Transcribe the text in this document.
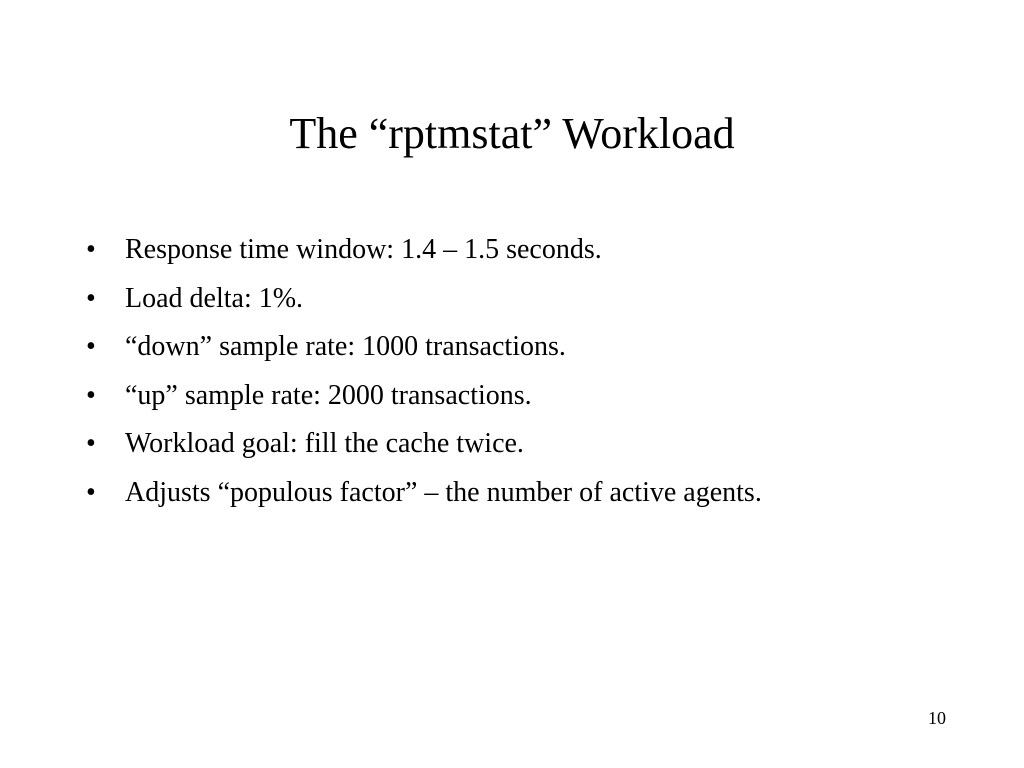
The “rptmstat” Workload
•	Response time window: 1.4 – 1.5 seconds.
•	Load delta: 1%.
•	“down” sample rate: 1000 transactions.
•	“up” sample rate: 2000 transactions.
•	Workload goal: fill the cache twice.
•	Adjusts “populous factor” – the number of active agents.
10
